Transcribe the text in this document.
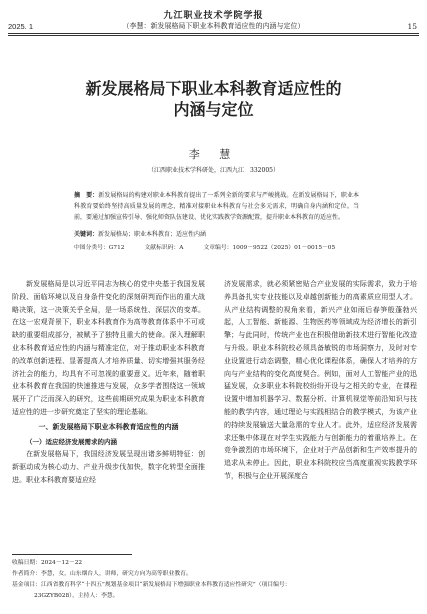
2025. 1
九江职业技术学院学报
（李慧：新发展格局下职业本科教育适应性的内涵与定位）	15
新发展格局下职业本科教育适应性的
内涵与定位
李 慧
（江西职业技术学科研处，江西九江　332005）
摘　要：新发展格局的构建对职业本科教育提出了一系列全新的要求与严峻挑战。在新发展格局下，职业本科教育要始终坚持高质量发展的理念，精准对接职业本科教育与社会多元需求，明确自身内涵和定位。当前，要通过加强宣传引导、强化师资队伍建设、优化实践教学资源配置，提升职业本科教育的适应性。
关键词：新发展格局；职业本科教育；适应性内涵
中图分类号：G712	文献标识码：A	文章编号：1009－9522（2025）01－0015－05

新发展格局是以习近平同志为核心的党中央基于我国发展阶段、面临环境以及自身条件变化的深刻研判而作出的重大战略决策，这一决策关乎全局，是一场系统性、深层次的变革。在这一宏观背景下，职业本科教育作为高等教育体系中不可或缺的重要组成部分，被赋予了独特且重大的使命。深入理解职业本科教育适应性的内涵与精准定位，对于推动职业本科教育的改革创新进程、显著提高人才培养质量、切实增强其服务经济社会的能力，均具有不可忽视的重要意义。近年来，随着职业本科教育在我国的快速推进与发展，众多学者围绕这一领域展开了广泛而深入的研究，这些前期研究成果为职业本科教育适应性的进一步研究奠定了坚实的理论基础。

一、新发展格局下职业本科教育适应性的内涵
（一）适应经济发展需求的内涵

在新发展格局下，我国经济发展呈现出诸多鲜明特征：创新驱动成为核心动力、产业升级步伐加快，数字化转型全面推进。职业本科教育要适应经

济发展需求，就必须紧密贴合产业发展的实际需求，致力于培养具备扎实专业技能以及卓越创新能力的高素质应用型人才。从产业结构调整的视角来看，新兴产业如雨后春笋般蓬勃兴起，人工智能、新能源、生物医药等领域成为经济增长的新引擎；与此同时，传统产业也在积极借助新技术进行智能化改造与升级。职业本科院校必须具备敏锐的市场洞察力，及时对专业设置进行动态调整，精心优化课程体系，确保人才培养的方向与产业结构的变化高度契合。例如，面对人工智能产业的迅猛发展，众多职业本科院校纷纷开设与之相关的专业，在课程设置中增加机器学习、数据分析、计算机视觉等前沿知识与技能的教学内容，通过理论与实践相结合的教学模式，为该产业的持续发展输送大量急需的专业人才。此外，适应经济发展需求还集中体现在对学生实践能力与创新能力的着重培养上。在竞争激烈的市场环境下，企业对于产品创新和生产效率提升的追求从未停止。因此，职业本科院校应当高度重视实践教学环节，积极与企业开展深度合

收稿日期：2024－12－22
作者简介：李慧，女，山东烟台人，讲师，研究方向为高等职业教育。
基金项目：江西省教育科学“十四五”规划基金项目“新发展格局下增强职业本科教育适应性研究”（项目编号：
23GZYB028），主持人：李慧。
